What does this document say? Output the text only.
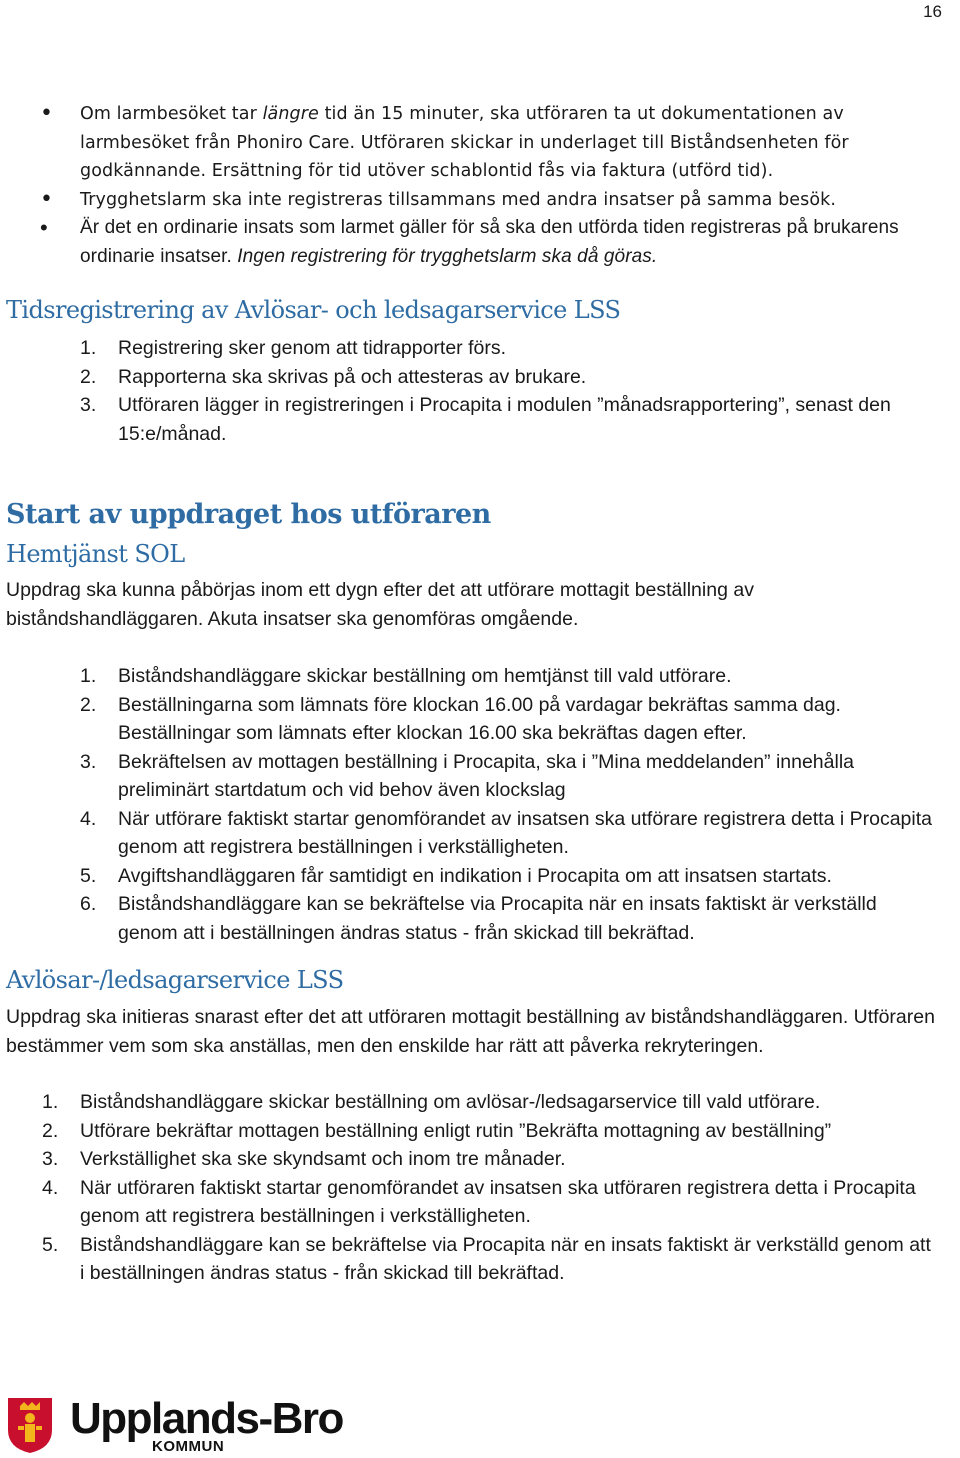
16
• Om larmbesöket tar längre tid än 15 minuter, ska utföraren ta ut dokumentationen av larmbesöket från Phoniro Care. Utföraren skickar in underlaget till Biståndsenheten för godkännande. Ersättning för tid utöver schablontid fås via faktura (utförd tid).
• Trygghetslarm ska inte registreras tillsammans med andra insatser på samma besök.
• Är det en ordinarie insats som larmet gäller för så ska den utförda tiden registreras på brukarens ordinarie insatser. Ingen registrering för trygghetslarm ska då göras.
Tidsregistrering av Avlösar- och ledsagarservice LSS
1. Registrering sker genom att tidrapporter förs.
2. Rapporterna ska skrivas på och attesteras av brukare.
3. Utföraren lägger in registreringen i Procapita i modulen ”månadsrapportering”, senast den 15:e/månad.
Start av uppdraget hos utföraren
Hemtjänst SOL

Uppdrag ska kunna påbörjas inom ett dygn efter det att utförare mottagit beställning av biståndshandläggaren. Akuta insatser ska genomföras omgående.

1. Biståndshandläggare skickar beställning om hemtjänst till vald utförare.
2. Beställningarna som lämnats före klockan 16.00 på vardagar bekräftas samma dag. Beställningar som lämnats efter klockan 16.00 ska bekräftas dagen efter.
3. Bekräftelsen av mottagen beställning i Procapita, ska i ”Mina meddelanden” innehålla preliminärt startdatum och vid behov även klockslag
4. När utförare faktiskt startar genomförandet av insatsen ska utförare registrera detta i Procapita genom att registrera beställningen i verkställigheten.
5. Avgiftshandläggaren får samtidigt en indikation i Procapita om att insatsen startats.
6. Biståndshandläggare kan se bekräftelse via Procapita när en insats faktiskt är verkställd genom att i beställningen ändras status - från skickad till bekräftad.
Avlösar-/ledsagarservice LSS

Uppdrag ska initieras snarast efter det att utföraren mottagit beställning av biståndshandläggaren. Utföraren bestämmer vem som ska anställas, men den enskilde har rätt att påverka rekryteringen.

1. Biståndshandläggare skickar beställning om avlösar-/ledsagarservice till vald utförare.
2. Utförare bekräftar mottagen beställning enligt rutin ”Bekräfta mottagning av beställning”
3. Verkställighet ska ske skyndsamt och inom tre månader.
4. När utföraren faktiskt startar genomförandet av insatsen ska utföraren registrera detta i Procapita genom att registrera beställningen i verkställigheten.
5. Biståndshandläggare kan se bekräftelse via Procapita när en insats faktiskt är verkställd genom att i beställningen ändras status - från skickad till bekräftad.
Upplands-Bro
KOMMUN
